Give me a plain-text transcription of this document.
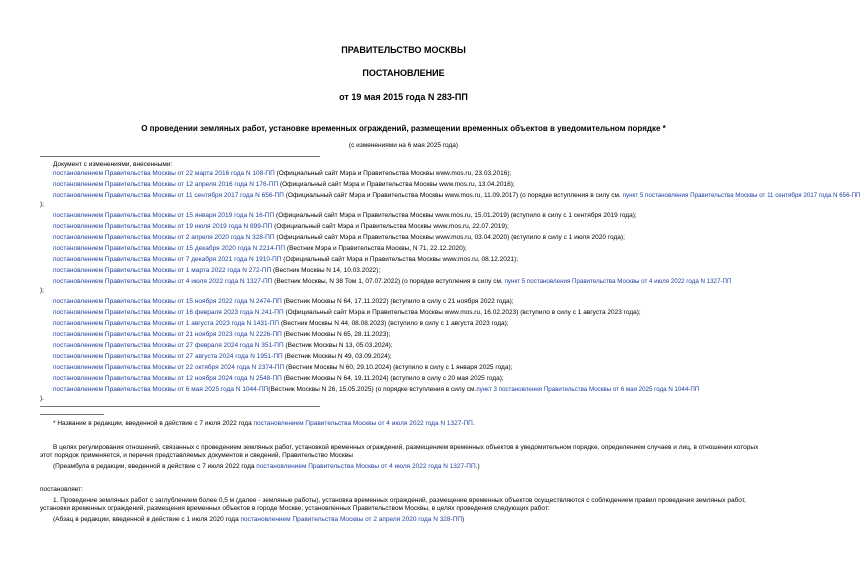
ПРАВИТЕЛЬСТВО МОСКВЫ
ПОСТАНОВЛЕНИЕ
от 19 мая 2015 года N 283-ПП
О проведении земляных работ, установке временных ограждений, размещении временных объектов в уведомительном порядке *
(с изменениями на 6 мая 2025 года)
Документ с изменениями, внесенными:
постановлением Правительства Москвы от 22 марта 2016 года N 108-ПП (Официальный сайт Мэра и Правительства Москвы www.mos.ru, 23.03.2016);
постановлением Правительства Москвы от 12 апреля 2016 года N 176-ПП (Официальный сайт Мэра и Правительства Москвы www.mos.ru, 13.04.2016);
постановлением Правительства Москвы от 11 сентября 2017 года N 656-ПП (Официальный сайт Мэра и Правительства Москвы www.mos.ru, 11.09.2017) (о порядке вступления в силу см. пункт 5 постановления Правительства Москвы от 11 сентября 2017 года N 656-ПП
);
постановлением Правительства Москвы от 15 января 2019 года N 16-ПП (Официальный сайт Мэра и Правительства Москвы www.mos.ru, 15.01.2019) (вступило в силу с 1 сентября 2019 года);
постановлением Правительства Москвы от 19 июля 2019 года N 899-ПП (Официальный сайт Мэра и Правительства Москвы www.mos.ru, 22.07.2019);
постановлением Правительства Москвы от 2 апреля 2020 года N 328-ПП (Официальный сайт Мэра и Правительства Москвы www.mos.ru, 03.04.2020) (вступило в силу с 1 июля 2020 года);
постановлением Правительства Москвы от 15 декабря 2020 года N 2214-ПП (Вестник Мэра и Правительства Москвы, N 71, 22.12.2020);
постановлением Правительства Москвы от 7 декабря 2021 года N 1910-ПП (Официальный сайт Мэра и Правительства Москвы www.mos.ru, 08.12.2021);
постановлением Правительства Москвы от 1 марта 2022 года N 272-ПП (Вестник Москвы N 14, 10.03.2022);
постановлением Правительства Москвы от 4 июля 2022 года N 1327-ПП (Вестник Москвы, N 38 Том 1, 07.07.2022) (о порядке вступления в силу см. пункт 5 постановления Правительства Москвы от 4 июля 2022 года N 1327-ПП
);
постановлением Правительства Москвы от 15 ноября 2022 года N 2474-ПП (Вестник Москвы N 64, 17.11.2022) (вступило в силу с 21 ноября 2022 года);
постановлением Правительства Москвы от 16 февраля 2023 года N 241-ПП (Официальный сайт Мэра и Правительства Москвы www.mos.ru, 16.02.2023) (вступило в силу с 1 августа 2023 года);
постановлением Правительства Москвы от 1 августа 2023 года N 1431-ПП (Вестник Москвы N 44, 08.08.2023) (вступило в силу с 1 августа 2023 года);
постановлением Правительства Москвы от 21 ноября 2023 года N 2226-ПП (Вестник Москвы N 65, 28.11.2023);
постановлением Правительства Москвы от 27 февраля 2024 года N 351-ПП (Вестник Москвы N 13, 05.03.2024);
постановлением Правительства Москвы от 27 августа 2024 года N 1951-ПП (Вестник Москвы N 49, 03.09.2024);
постановлением Правительства Москвы от 22 октября 2024 года N 2374-ПП (Вестник Москвы N 60, 29.10.2024) (вступило в силу с 1 января 2025 года);
постановлением Правительства Москвы от 12 ноября 2024 года N 2548-ПП (Вестник Москвы N 64, 19.11.2024) (вступило в силу с 20 мая 2025 года);
постановлением Правительства Москвы от 6 мая 2025 года N 1044-ПП(Вестник Москвы N 26, 15.05.2025) (о порядке вступления в силу см.пункт 3 постановления Правительства Москвы от 6 мая 2025 года N 1044-ПП
).
* Название в редакции, введенной в действие с 7 июля 2022 года постановлением Правительства Москвы от 4 июля 2022 года N 1327-ПП.
В целях регулирования отношений, связанных с проведением земляных работ, установкой временных ограждений, размещением временных объектов в уведомительном порядке, определением случаев и лиц, в отношении которых этот порядок применяется, и перечня представляемых документов и сведений, Правительство Москвы
(Преамбула в редакции, введенной в действие с 7 июля 2022 года постановлением Правительства Москвы от 4 июля 2022 года N 1327-ПП.)
постановляет:
1. Проведение земляных работ с заглублением более 0,5 м (далее - земляные работы), установка временных ограждений, размещение временных объектов осуществляются с соблюдением правил проведения земляных работ, установки временных ограждений, размещения временных объектов в городе Москве, установленных Правительством Москвы, в целях проведения следующих работ:
(Абзац в редакции, введенной в действие с 1 июля 2020 года постановлением Правительства Москвы от 2 апреля 2020 года N 328-ПП)
